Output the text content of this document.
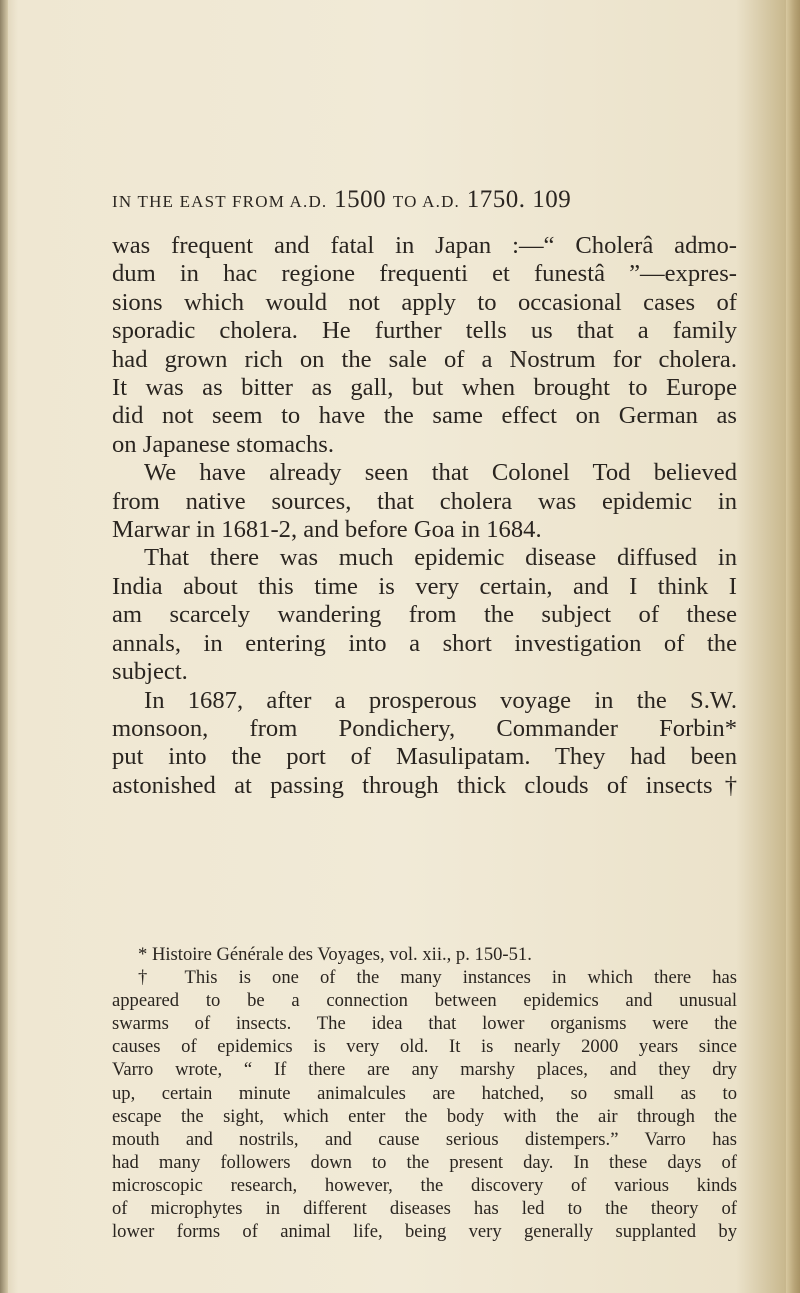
IN THE EAST FROM A.D. 1500 TO A.D. 1750. 109
was frequent and fatal in Japan :—“ Cholerâ admo-
dum in hac regione frequenti et funestâ ”—expres-
sions which would not apply to occasional cases of
sporadic cholera. He further tells us that a family
had grown rich on the sale of a Nostrum for cholera.
It was as bitter as gall, but when brought to Europe
did not seem to have the same effect on German as
on Japanese stomachs.
We have already seen that Colonel Tod believed
from native sources, that cholera was epidemic in
Marwar in 1681-2, and before Goa in 1684.
That there was much epidemic disease diffused in
India about this time is very certain, and I think I
am scarcely wandering from the subject of these
annals, in entering into a short investigation of the
subject.
In 1687, after a prosperous voyage in the S.W.
monsoon, from Pondichery, Commander Forbin*
put into the port of Masulipatam. They had been
astonished at passing through thick clouds of insects†
* Histoire Générale des Voyages, vol. xii., p. 150-51.
† This is one of the many instances in which there has
appeared to be a connection between epidemics and unusual
swarms of insects. The idea that lower organisms were the
causes of epidemics is very old. It is nearly 2000 years since
Varro wrote, “ If there are any marshy places, and they dry
up, certain minute animalcules are hatched, so small as to
escape the sight, which enter the body with the air through the
mouth and nostrils, and cause serious distempers.” Varro has
had many followers down to the present day. In these days of
microscopic research, however, the discovery of various kinds
of microphytes in different diseases has led to the theory of
lower forms of animal life, being very generally supplanted by
